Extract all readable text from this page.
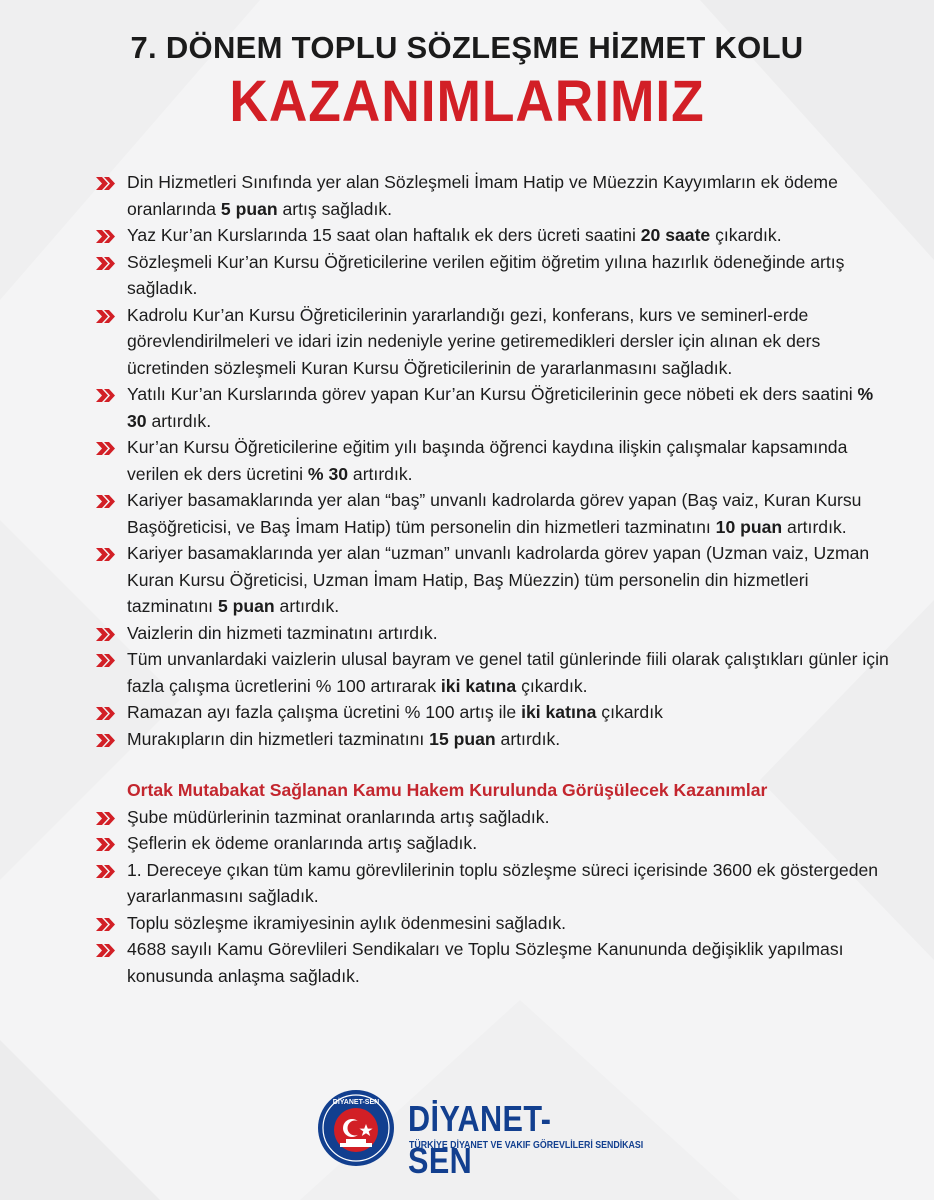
7. DÖNEM TOPLU SÖZLEŞME HİZMET KOLU
KAZANIMLARIMIZ
Din Hizmetleri Sınıfında yer alan Sözleşmeli İmam Hatip ve Müezzin Kayyımların ek ödeme oranlarında 5 puan artış sağladık.
Yaz Kur’an Kurslarında 15 saat olan haftalık ek ders ücreti saatini 20 saate çıkardık.
Sözleşmeli Kur’an Kursu Öğreticilerine verilen eğitim öğretim yılına hazırlık ödeneğinde artış sağladık.
Kadrolu Kur’an Kursu Öğreticilerinin yararlandığı gezi, konferans, kurs ve seminerl-erde görevlendirilmeleri ve idari izin nedeniyle yerine getiremedikleri dersler için alınan ek ders ücretinden sözleşmeli Kuran Kursu Öğreticilerinin de yararlanmasını sağladık.
Yatılı Kur’an Kurslarında görev yapan Kur’an Kursu Öğreticilerinin gece nöbeti ek ders saatini % 30 artırdık.
Kur’an Kursu Öğreticilerine eğitim yılı başında öğrenci kaydına ilişkin çalışmalar kapsamında verilen ek ders ücretini % 30 artırdık.
Kariyer basamaklarında yer alan “baş” unvanlı kadrolarda görev yapan (Baş vaiz, Kuran Kursu Başöğreticisi, ve Baş İmam Hatip) tüm personelin din hizmetleri tazminatını 10 puan artırdık.
Kariyer basamaklarında yer alan “uzman” unvanlı kadrolarda görev yapan (Uzman vaiz, Uzman Kuran Kursu Öğreticisi, Uzman İmam Hatip, Baş Müezzin) tüm personelin din hizmetleri tazminatını 5 puan artırdık.
Vaizlerin din hizmeti tazminatını artırdık.
Tüm unvanlardaki vaizlerin ulusal bayram ve genel tatil günlerinde fiili olarak çalıştıkları günler için fazla çalışma ücretlerini % 100 artırarak iki katına çıkardık.
Ramazan ayı fazla çalışma ücretini % 100 artış ile iki katına çıkardık
Murakıpların din hizmetleri tazminatını 15 puan artırdık.
Ortak Mutabakat Sağlanan Kamu Hakem Kurulunda Görüşülecek Kazanımlar
Şube müdürlerinin tazminat oranlarında artış sağladık.
Şeflerin ek ödeme oranlarında artış sağladık.
1. Dereceye çıkan tüm kamu görevlilerinin toplu sözleşme süreci içerisinde 3600 ek göstergeden yararlanmasını sağladık.
Toplu sözleşme ikramiyesinin aylık ödenmesini sağladık.
4688 sayılı Kamu Görevlileri Sendikaları ve Toplu Sözleşme Kanununda değişiklik yapılması konusunda anlaşma sağladık.
DİYANET-SEN DİYANET-SEN
TÜRKİYE DİYANET VE VAKIF GÖREVLİLERİ SENDİKASI
